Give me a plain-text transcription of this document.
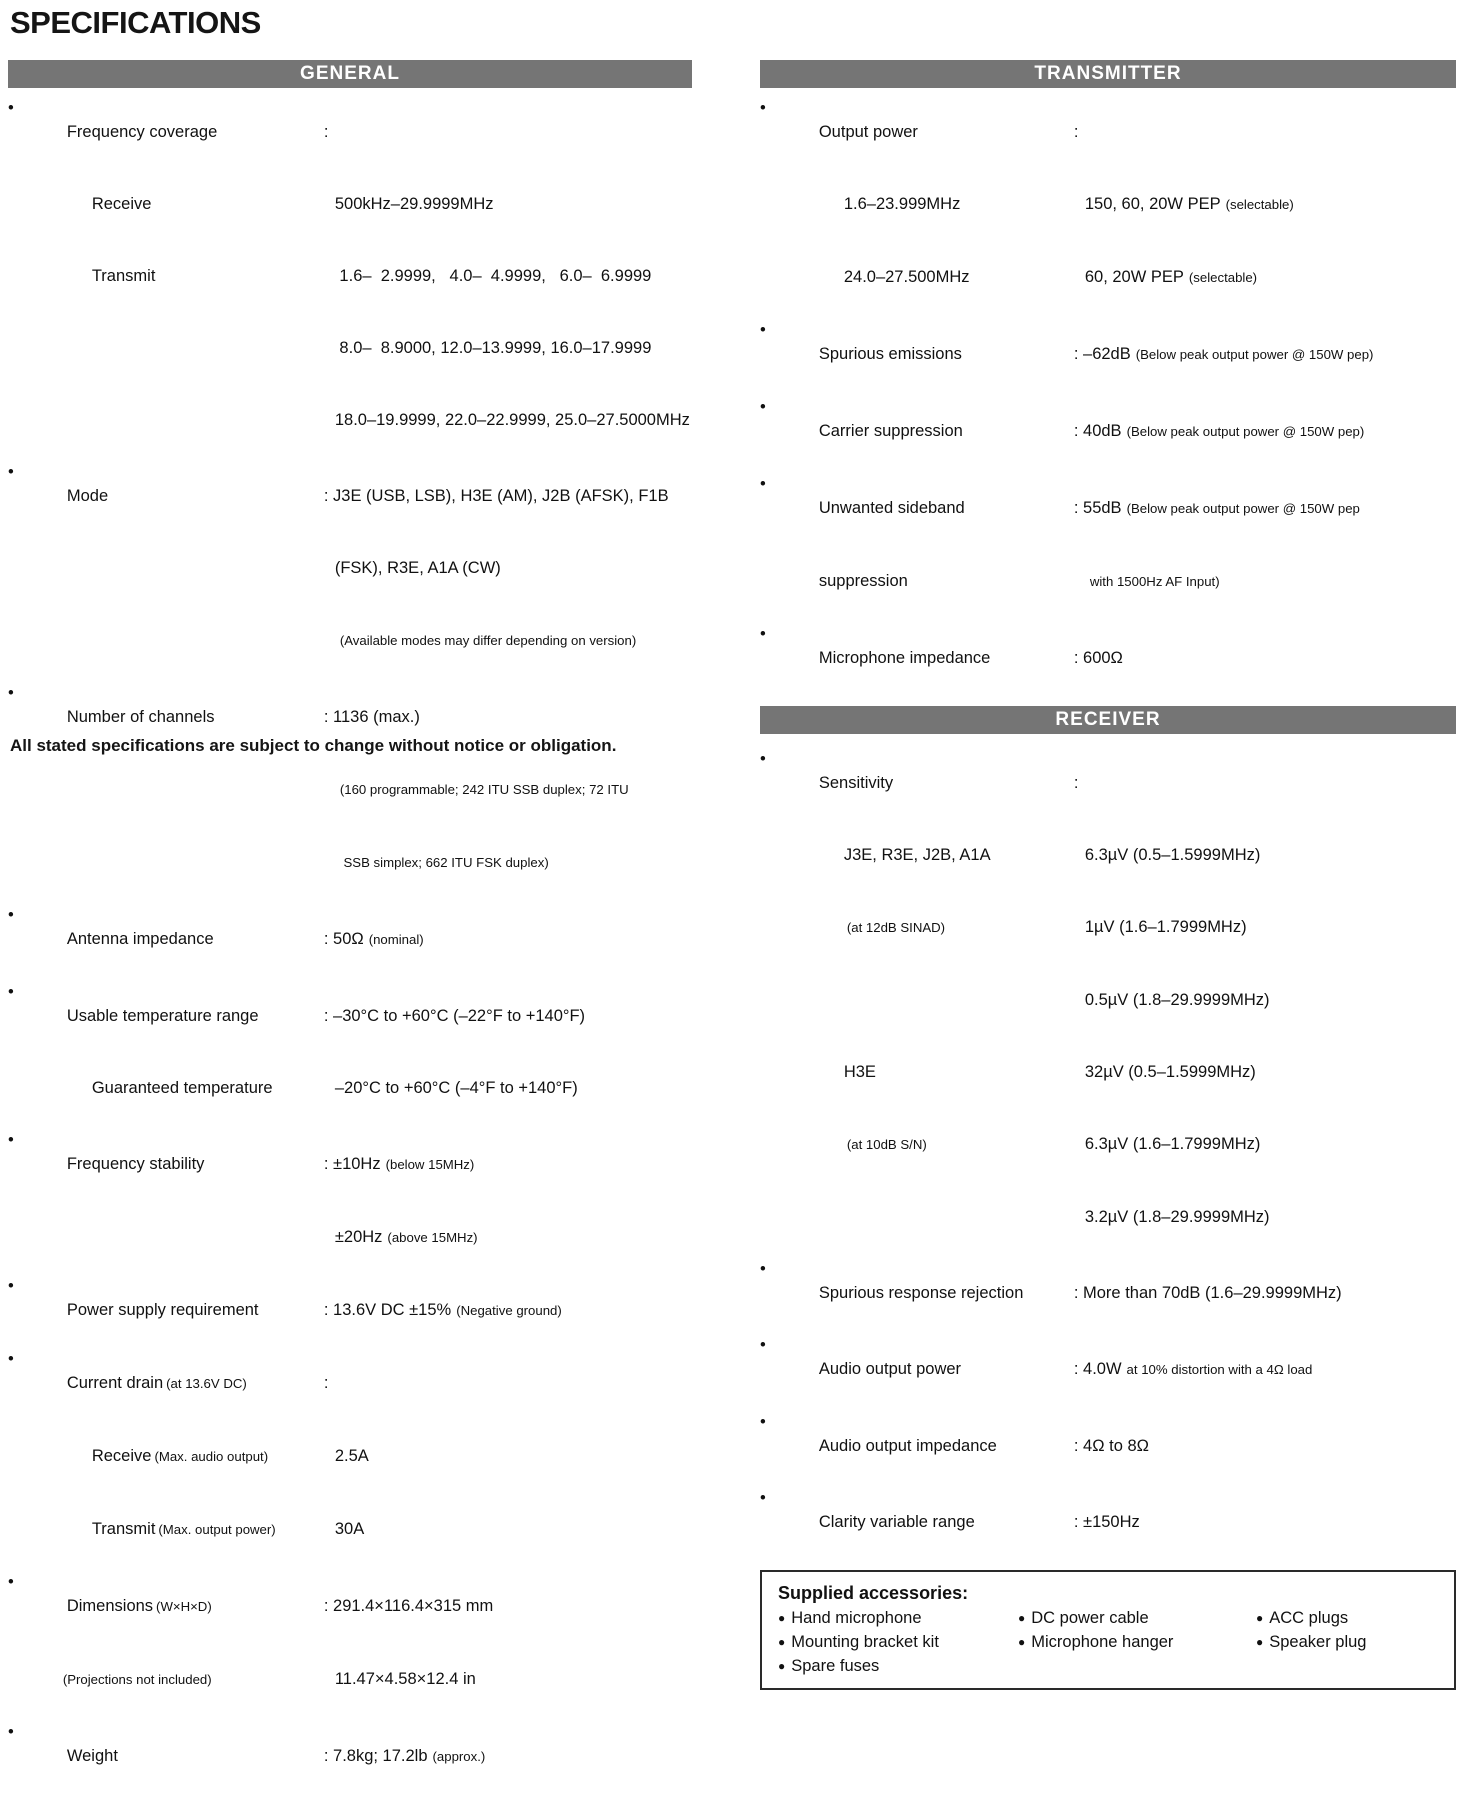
SPECIFICATIONS
GENERAL

•
Frequency coverage
	:

Receive
	500kHz–29.9999MHz

Transmit
	1.6–  2.9999,   4.0–  4.9999,   6.0–  6.9999

8.0–  8.9000, 12.0–13.9999, 16.0–17.9999

18.0–19.9999, 22.0–22.9999, 25.0–27.5000MHz

•
Mode
	: J3E (USB, LSB), H3E (AM), J2B (AFSK), F1B

(FSK), R3E, A1A (CW)

(Available modes may differ depending on version)

•
Number of channels
	: 1136 (max.)

(160 programmable; 242 ITU SSB duplex; 72 ITU

SSB simplex; 662 ITU FSK duplex)

•
Antenna impedance
	: 50Ω (nominal)

•
Usable temperature range
	: –30°C to +60°C (–22°F to +140°F)

Guaranteed temperature
	–20°C to +60°C (–4°F to +140°F)

•
Frequency stability
	: ±10Hz (below 15MHz)

±20Hz (above 15MHz)

•
Power supply requirement
	: 13.6V DC ±15% (Negative ground)

•
Current drain (at 13.6V DC)
	:

Receive (Max. audio output)
	2.5A

Transmit (Max. output power)
	30A

•
Dimensions (W×H×D)
	: 291.4×116.4×315 mm

(Projections not included)
	11.47×4.58×12.4 in

•
Weight
	: 7.8kg; 17.2lb (approx.)

TRANSMITTER

•
Output power
	:

1.6–23.999MHz
	150, 60, 20W PEP (selectable)

24.0–27.500MHz
	60, 20W PEP (selectable)

•
Spurious emissions
	: –62dB (Below peak output power @ 150W pep)

•
Carrier suppression
	: 40dB (Below peak output power @ 150W pep)

•
Unwanted sideband
	: 55dB (Below peak output power @ 150W pep

suppression
	with 1500Hz AF Input)

•
Microphone impedance
	: 600Ω

RECEIVER

•
Sensitivity
	:

J3E, R3E, J2B, A1A
	6.3µV (0.5–1.5999MHz)

(at 12dB SINAD)
	1µV (1.6–1.7999MHz)

0.5µV (1.8–29.9999MHz)

H3E
	32µV (0.5–1.5999MHz)

(at 10dB S/N)
	6.3µV (1.6–1.7999MHz)

3.2µV (1.8–29.9999MHz)

•
Spurious response rejection
	: More than 70dB (1.6–29.9999MHz)

•
Audio output power
	: 4.0W at 10% distortion with a 4Ω load

•
Audio output impedance
	: 4Ω to 8Ω

•
Clarity variable range
	: ±150Hz

Supplied accessories:
● Hand microphone	● DC power cable	● ACC plugs
● Mounting bracket kit	● Microphone hanger	● Speaker plug
● Spare fuses
All stated specifications are subject to change without notice or obligation.
